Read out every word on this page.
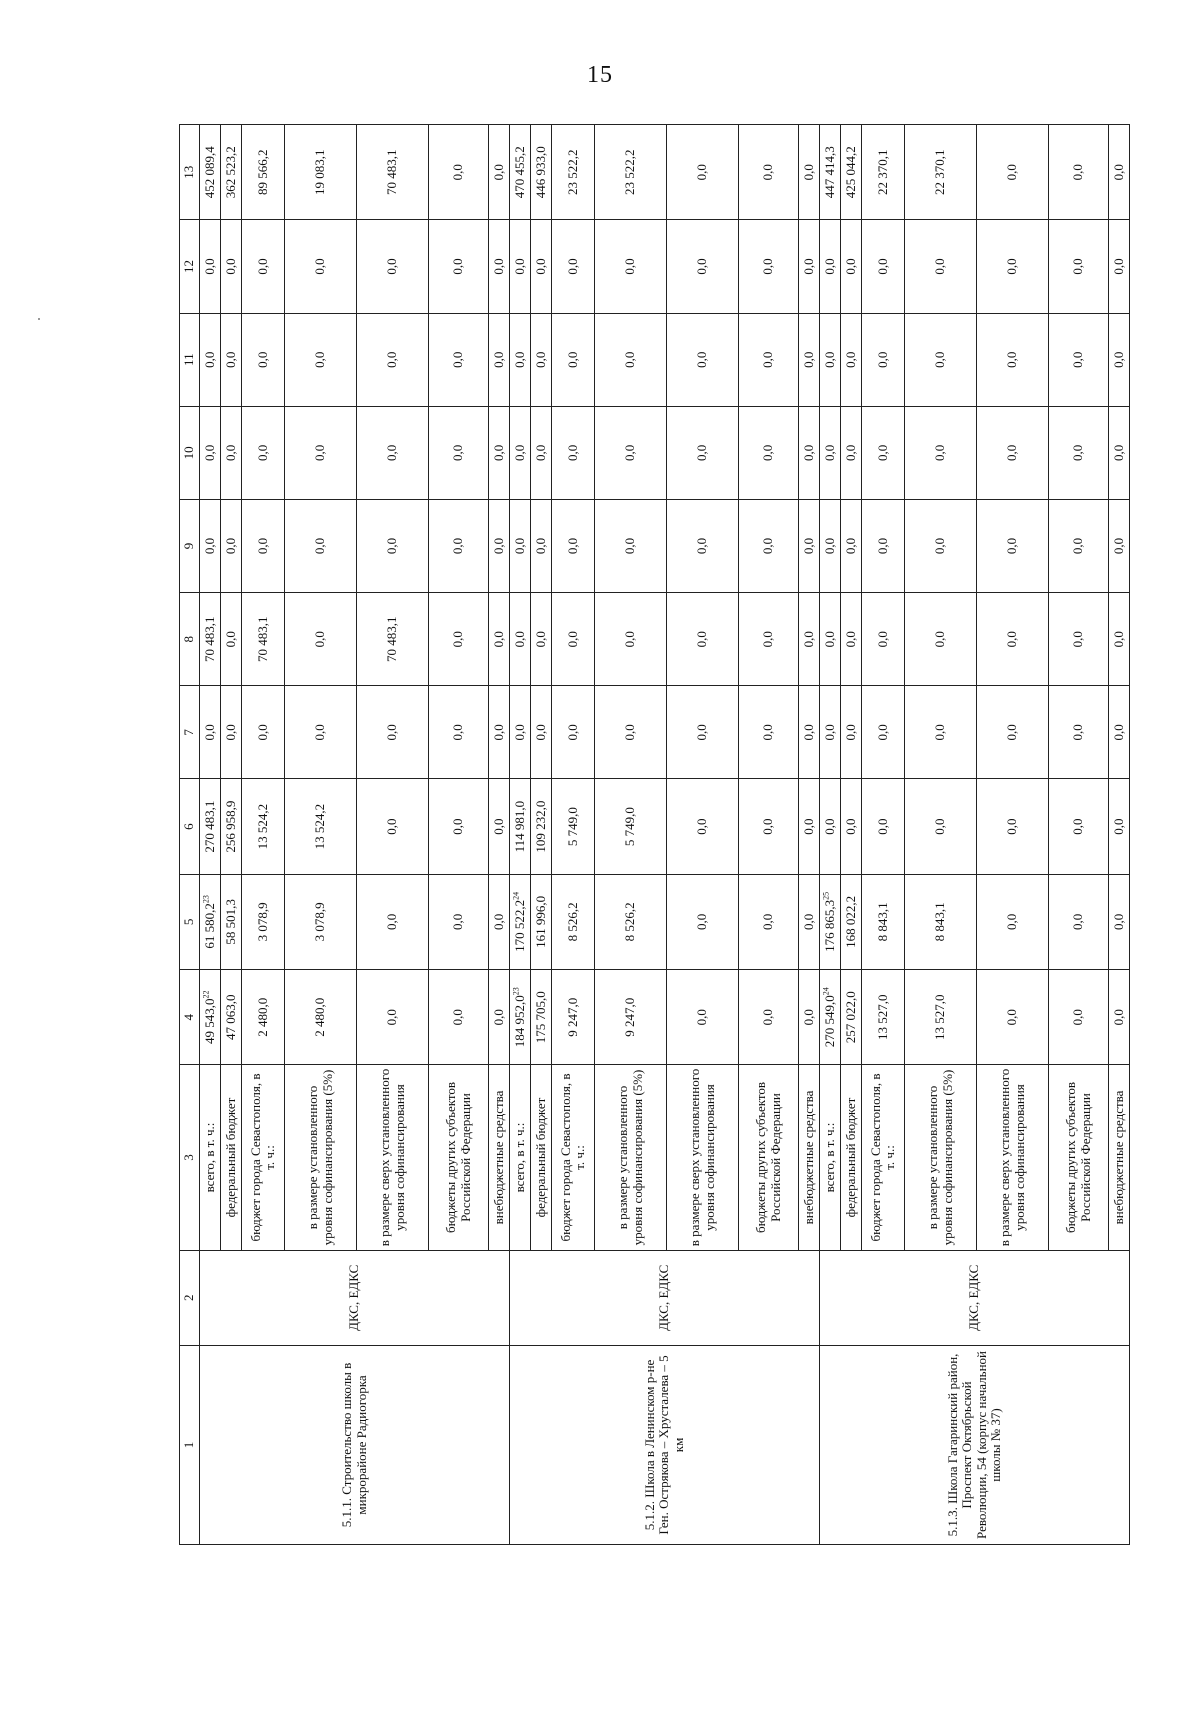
15
1	2	3	4	5	6	7	8	9	10	11	12	13
5.1.1. Строительство школы в микрорайоне Радиогорка	ДКС, ЕДКС	всего, в т. ч.:	49 543,0$^{22}$	61 580,2$^{23}$	270 483,1	0,0	70 483,1	0,0	0,0	0,0	0,0	452 089,4
		федеральный бюджет	47 063,0	58 501,3	256 958,9	0,0	0,0	0,0	0,0	0,0	0,0	362 523,2
		бюджет города Севастополя, в т. ч.:	2 480,0	3 078,9	13 524,2	0,0	70 483,1	0,0	0,0	0,0	0,0	89 566,2
		в размере установленного уровня софинансирования (5%)	2 480,0	3 078,9	13 524,2	0,0	0,0	0,0	0,0	0,0	0,0	19 083,1
		в размере сверх установленного уровня софинансирования	0,0	0,0	0,0	0,0	70 483,1	0,0	0,0	0,0	0,0	70 483,1
		бюджеты других субъектов Российской Федерации	0,0	0,0	0,0	0,0	0,0	0,0	0,0	0,0	0,0	0,0
		внебюджетные средства	0,0	0,0	0,0	0,0	0,0	0,0	0,0	0,0	0,0	0,0
5.1.2. Школа в Ленинском р-не Ген. Острякова – Хрусталева – 5 км	ДКС, ЕДКС	всего, в т. ч.:	184 952,0$^{23}$	170 522,2$^{24}$	114 981,0	0,0	0,0	0,0	0,0	0,0	0,0	470 455,2
		федеральный бюджет	175 705,0	161 996,0	109 232,0	0,0	0,0	0,0	0,0	0,0	0,0	446 933,0
		бюджет города Севастополя, в т. ч.:	9 247,0	8 526,2	5 749,0	0,0	0,0	0,0	0,0	0,0	0,0	23 522,2
		в размере установленного уровня софинансирования (5%)	9 247,0	8 526,2	5 749,0	0,0	0,0	0,0	0,0	0,0	0,0	23 522,2
		в размере сверх установленного уровня софинансирования	0,0	0,0	0,0	0,0	0,0	0,0	0,0	0,0	0,0	0,0
		бюджеты других субъектов Российской Федерации	0,0	0,0	0,0	0,0	0,0	0,0	0,0	0,0	0,0	0,0
		внебюджетные средства	0,0	0,0	0,0	0,0	0,0	0,0	0,0	0,0	0,0	0,0
5.1.3. Школа Гагаринский район, Проспект Октябрьской Революции, 54 (корпус начальной школы № 37)	ДКС, ЕДКС	всего, в т. ч.:	270 549,0$^{24}$	176 865,3$^{25}$	0,0	0,0	0,0	0,0	0,0	0,0	0,0	447 414,3
		федеральный бюджет	257 022,0	168 022,2	0,0	0,0	0,0	0,0	0,0	0,0	0,0	425 044,2
		бюджет города Севастополя, в т. ч.:	13 527,0	8 843,1	0,0	0,0	0,0	0,0	0,0	0,0	0,0	22 370,1
		в размере установленного уровня софинансирования (5%)	13 527,0	8 843,1	0,0	0,0	0,0	0,0	0,0	0,0	0,0	22 370,1
		в размере сверх установленного уровня софинансирования	0,0	0,0	0,0	0,0	0,0	0,0	0,0	0,0	0,0	0,0
		бюджеты других субъектов Российской Федерации	0,0	0,0	0,0	0,0	0,0	0,0	0,0	0,0	0,0	0,0
		внебюджетные средства	0,0	0,0	0,0	0,0	0,0	0,0	0,0	0,0	0,0	0,0
